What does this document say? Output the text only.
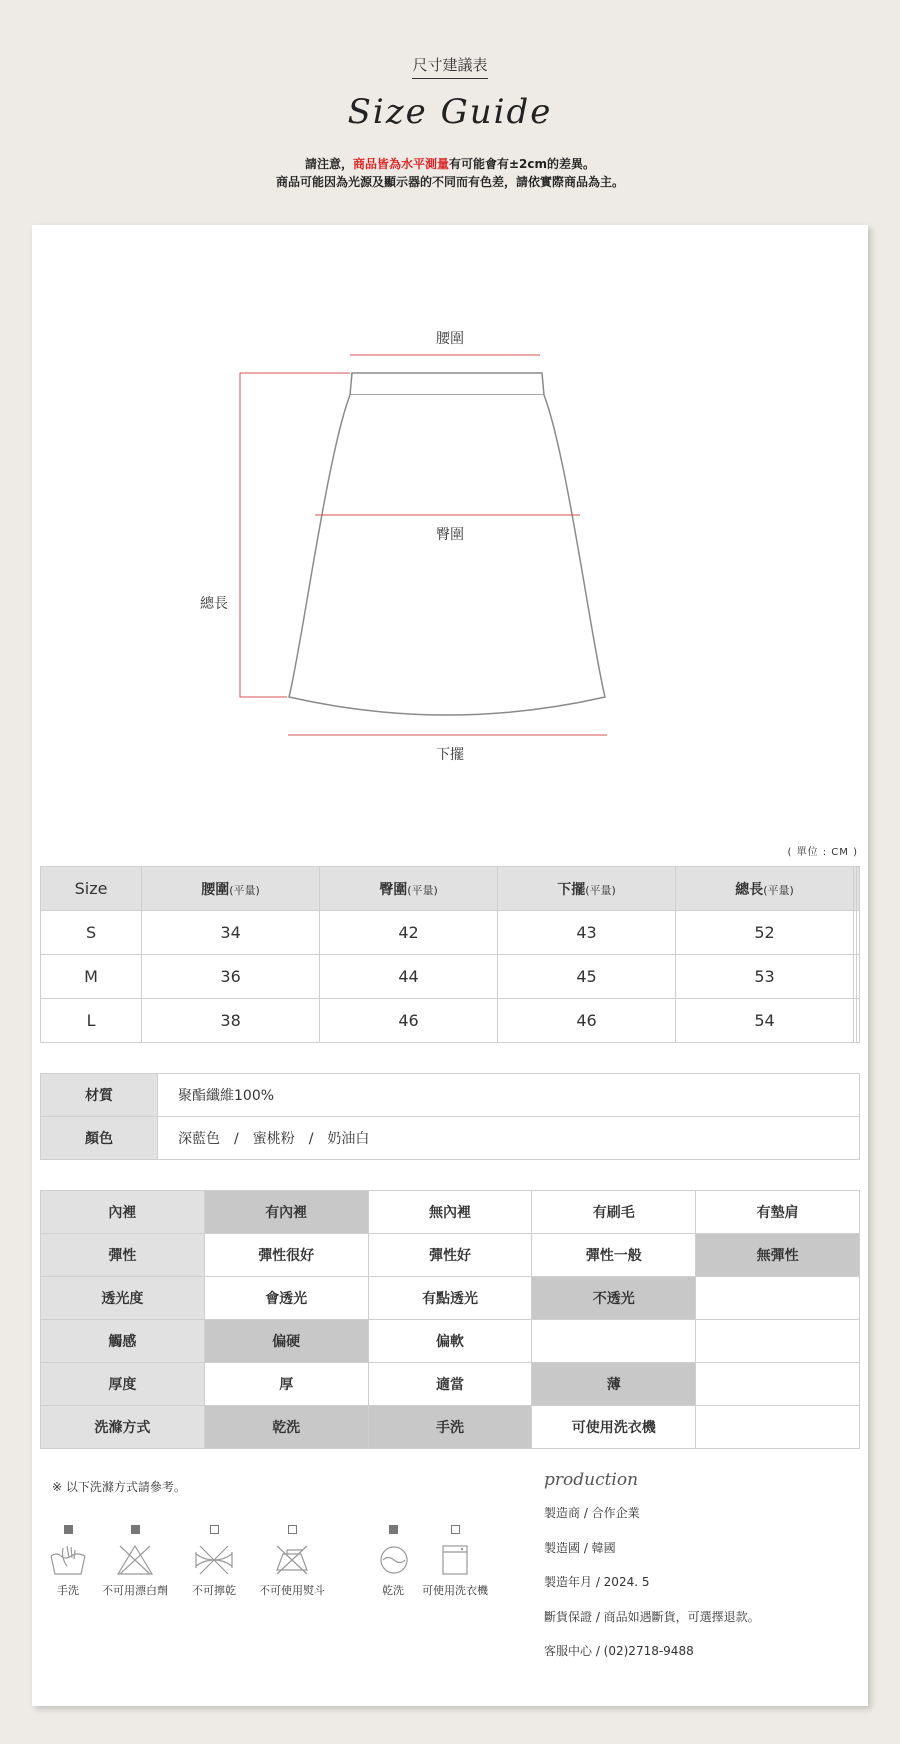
尺寸建議表
Size Guide
請注意，商品皆為水平測量有可能會有±2cm的差異。
商品可能因為光源及顯示器的不同而有色差，請依實際商品為主。
腰圍
臀圍
總長
下擺
( 單位 : CM )
Size	腰圍(平量)	臀圍(平量)	下擺(平量)	總長(平量)		
S	34	42	43	52		
M	36	44	45	53		
L	38	46	46	54		
材質	聚酯纖維100%
顏色	深藍色　/　蜜桃粉　/　奶油白
內裡	有內裡	無內裡	有刷毛	有墊肩
彈性	彈性很好	彈性好	彈性一般	無彈性
透光度	會透光	有點透光	不透光	
觸感	偏硬	偏軟		
厚度	厚	適當	薄	
洗滌方式	乾洗	手洗	可使用洗衣機	
※ 以下洗滌方式請參考。
手洗	不可用漂白劑	不可擰乾	不可使用熨斗	乾洗	可使用洗衣機
production
製造商 / 合作企業
製造國 / 韓國
製造年月 / 2024. 5
斷貨保證 / 商品如遇斷貨，可選擇退款。
客服中心 / (02)2718-9488
